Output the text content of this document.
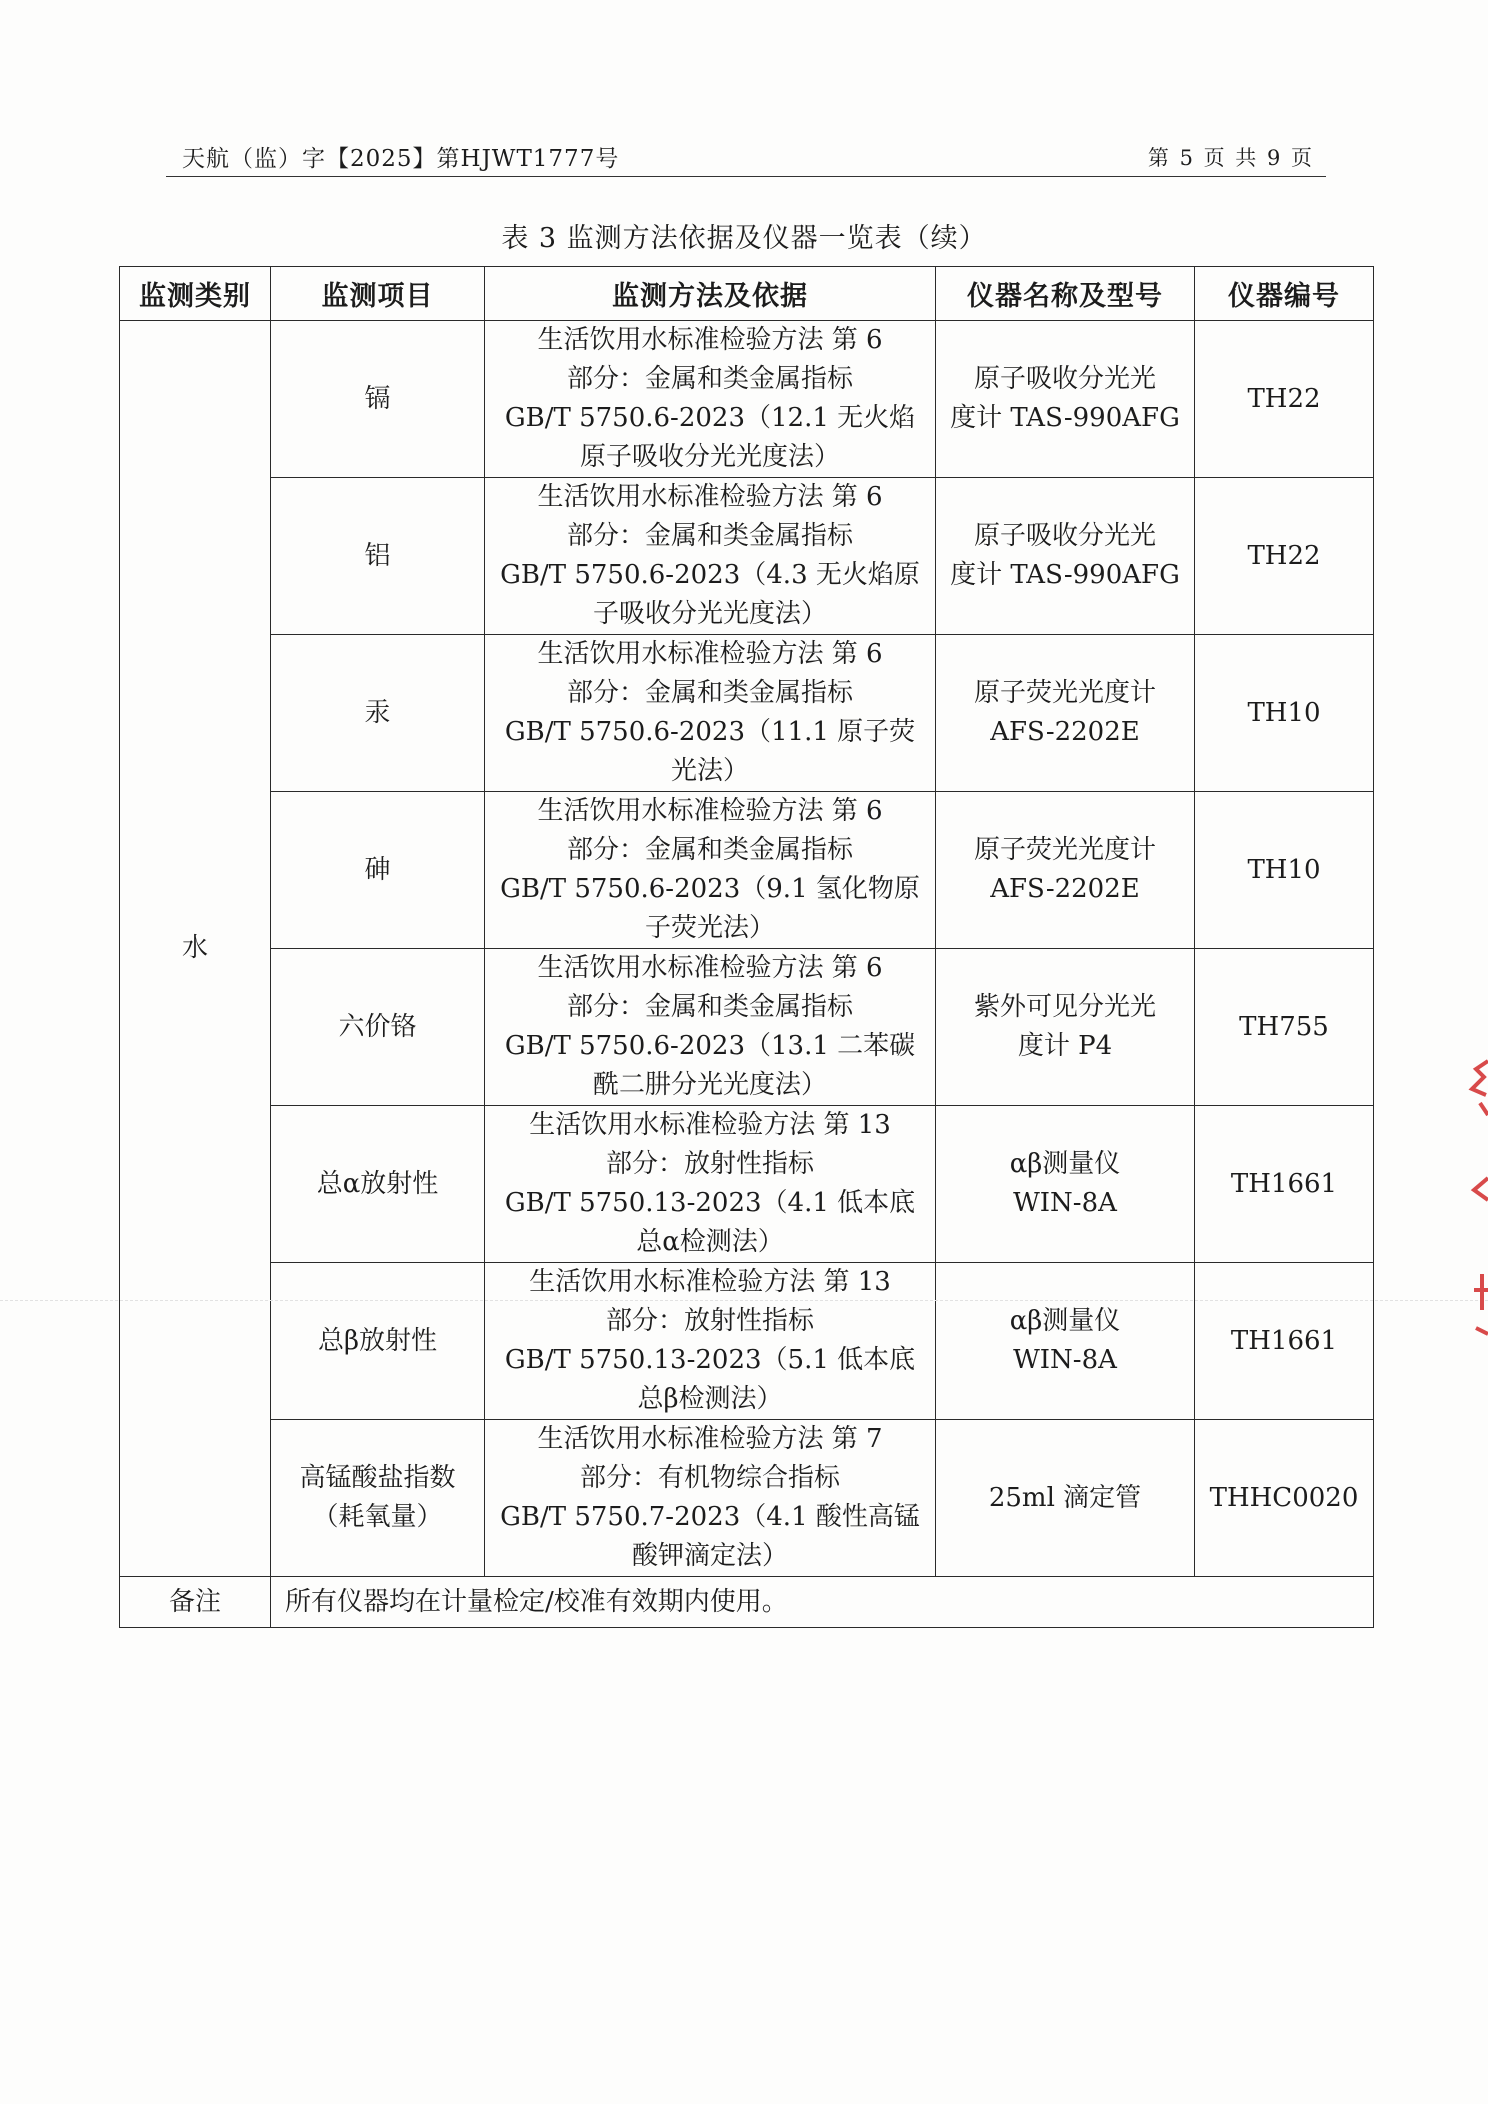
天航（监）字【2025】第HJWT1777号	第 5 页 共 9 页
表 3 监测方法依据及仪器一览表（续）
监测类别	监测项目	监测方法及依据	仪器名称及型号	仪器编号
水	镉	生活饮用水标准检验方法 第 6
部分：金属和类金属指标
GB/T 5750.6-2023（12.1 无火焰
原子吸收分光光度法）	原子吸收分光光
度计 TAS-990AFG	TH22
	铝	生活饮用水标准检验方法 第 6
部分：金属和类金属指标
GB/T 5750.6-2023（4.3 无火焰原
子吸收分光光度法）	原子吸收分光光
度计 TAS-990AFG	TH22
	汞	生活饮用水标准检验方法 第 6
部分：金属和类金属指标
GB/T 5750.6-2023（11.1 原子荧
光法）	原子荧光光度计
AFS-2202E	TH10
	砷	生活饮用水标准检验方法 第 6
部分：金属和类金属指标
GB/T 5750.6-2023（9.1 氢化物原
子荧光法）	原子荧光光度计
AFS-2202E	TH10
	六价铬	生活饮用水标准检验方法 第 6
部分：金属和类金属指标
GB/T 5750.6-2023（13.1 二苯碳
酰二肼分光光度法）	紫外可见分光光
度计 P4	TH755
	总α放射性	生活饮用水标准检验方法 第 13
部分：放射性指标
GB/T 5750.13-2023（4.1 低本底
总α检测法）	αβ测量仪
WIN-8A	TH1661
	总β放射性	生活饮用水标准检验方法 第 13
部分：放射性指标
GB/T 5750.13-2023（5.1 低本底
总β检测法）	αβ测量仪
WIN-8A	TH1661

	高锰酸盐指数
（耗氧量）	生活饮用水标准检验方法 第 7
部分：有机物综合指标
GB/T 5750.7-2023（4.1 酸性高锰
酸钾滴定法）	25ml 滴定管	THHC0020
备注	所有仪器均在计量检定/校准有效期内使用。			
